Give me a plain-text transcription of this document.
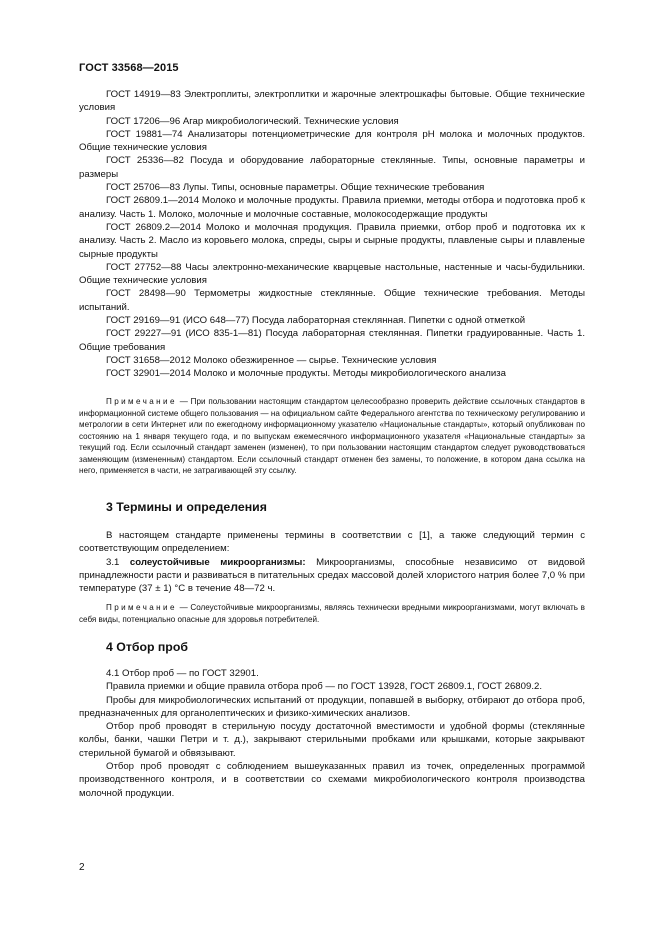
ГОСТ 33568—2015

ГОСТ 14919—83 Электроплиты, электроплитки и жарочные электрошкафы бытовые. Общие технические условия

ГОСТ 17206—96 Агар микробиологический. Технические условия

ГОСТ 19881—74 Анализаторы потенциометрические для контроля pH молока и молочных продуктов. Общие технические условия

ГОСТ 25336—82 Посуда и оборудование лабораторные стеклянные. Типы, основные параметры и размеры

ГОСТ 25706—83 Лупы. Типы, основные параметры. Общие технические требования

ГОСТ 26809.1—2014 Молоко и молочные продукты. Правила приемки, методы отбора и подготовка проб к анализу. Часть 1. Молоко, молочные и молочные составные, молокосодержащие продукты

ГОСТ 26809.2—2014 Молоко и молочная продукция. Правила приемки, отбор проб и подготовка их к анализу. Часть 2. Масло из коровьего молока, спреды, сыры и сырные продукты, плавленые сыры и плавленые сырные продукты

ГОСТ 27752—88 Часы электронно-механические кварцевые настольные, настенные и часы-будильники. Общие технические условия

ГОСТ 28498—90 Термометры жидкостные стеклянные. Общие технические требования. Методы испытаний.

ГОСТ 29169—91 (ИСО 648—77) Посуда лабораторная стеклянная. Пипетки с одной отметкой

ГОСТ 29227—91 (ИСО 835-1—81) Посуда лабораторная стеклянная. Пипетки градуированные. Часть 1. Общие требования

ГОСТ 31658—2012 Молоко обезжиренное — сырье. Технические условия

ГОСТ 32901—2014 Молоко и молочные продукты. Методы микробиологического анализа

Примечание — При пользовании настоящим стандартом целесообразно проверить действие ссылочных стандартов в информационной системе общего пользования — на официальном сайте Федерального агентства по техническому регулированию и метрологии в сети Интернет или по ежегодному информационному указателю «Национальные стандарты», который опубликован по состоянию на 1 января текущего года, и по выпускам ежемесячного информационного указателя «Национальные стандарты» за текущий год. Если ссылочный стандарт заменен (изменен), то при пользовании настоящим стандартом следует руководствоваться заменяющим (измененным) стандартом. Если ссылочный стандарт отменен без замены, то положение, в котором дана ссылка на него, применяется в части, не затрагивающей эту ссылку.

3 Термины и определения

В настоящем стандарте применены термины в соответствии с [1], а также следующий термин с соответствующим определением:

3.1 солеустойчивые микроорганизмы: Микроорганизмы, способные независимо от видовой принадлежности расти и развиваться в питательных средах массовой долей хлористого натрия более 7,0 % при температуре (37 ± 1) °С в течение 48—72 ч.

Примечание — Солеустойчивые микроорганизмы, являясь технически вредными микроорганизмами, могут включать в себя виды, потенциально опасные для здоровья потребителей.

4 Отбор проб

4.1 Отбор проб — по ГОСТ 32901.

Правила приемки и общие правила отбора проб — по ГОСТ 13928, ГОСТ 26809.1, ГОСТ 26809.2.

Пробы для микробиологических испытаний от продукции, попавшей в выборку, отбирают до отбора проб, предназначенных для органолептических и физико-химических анализов.

Отбор проб проводят в стерильную посуду достаточной вместимости и удобной формы (стеклянные колбы, банки, чашки Петри и т. д.), закрывают стерильными пробками или крышками, которые закрывают стерильной бумагой и обвязывают.

Отбор проб проводят с соблюдением вышеуказанных правил из точек, определенных программой производственного контроля, и в соответствии со схемами микробиологического контроля производства молочной продукции.

2
